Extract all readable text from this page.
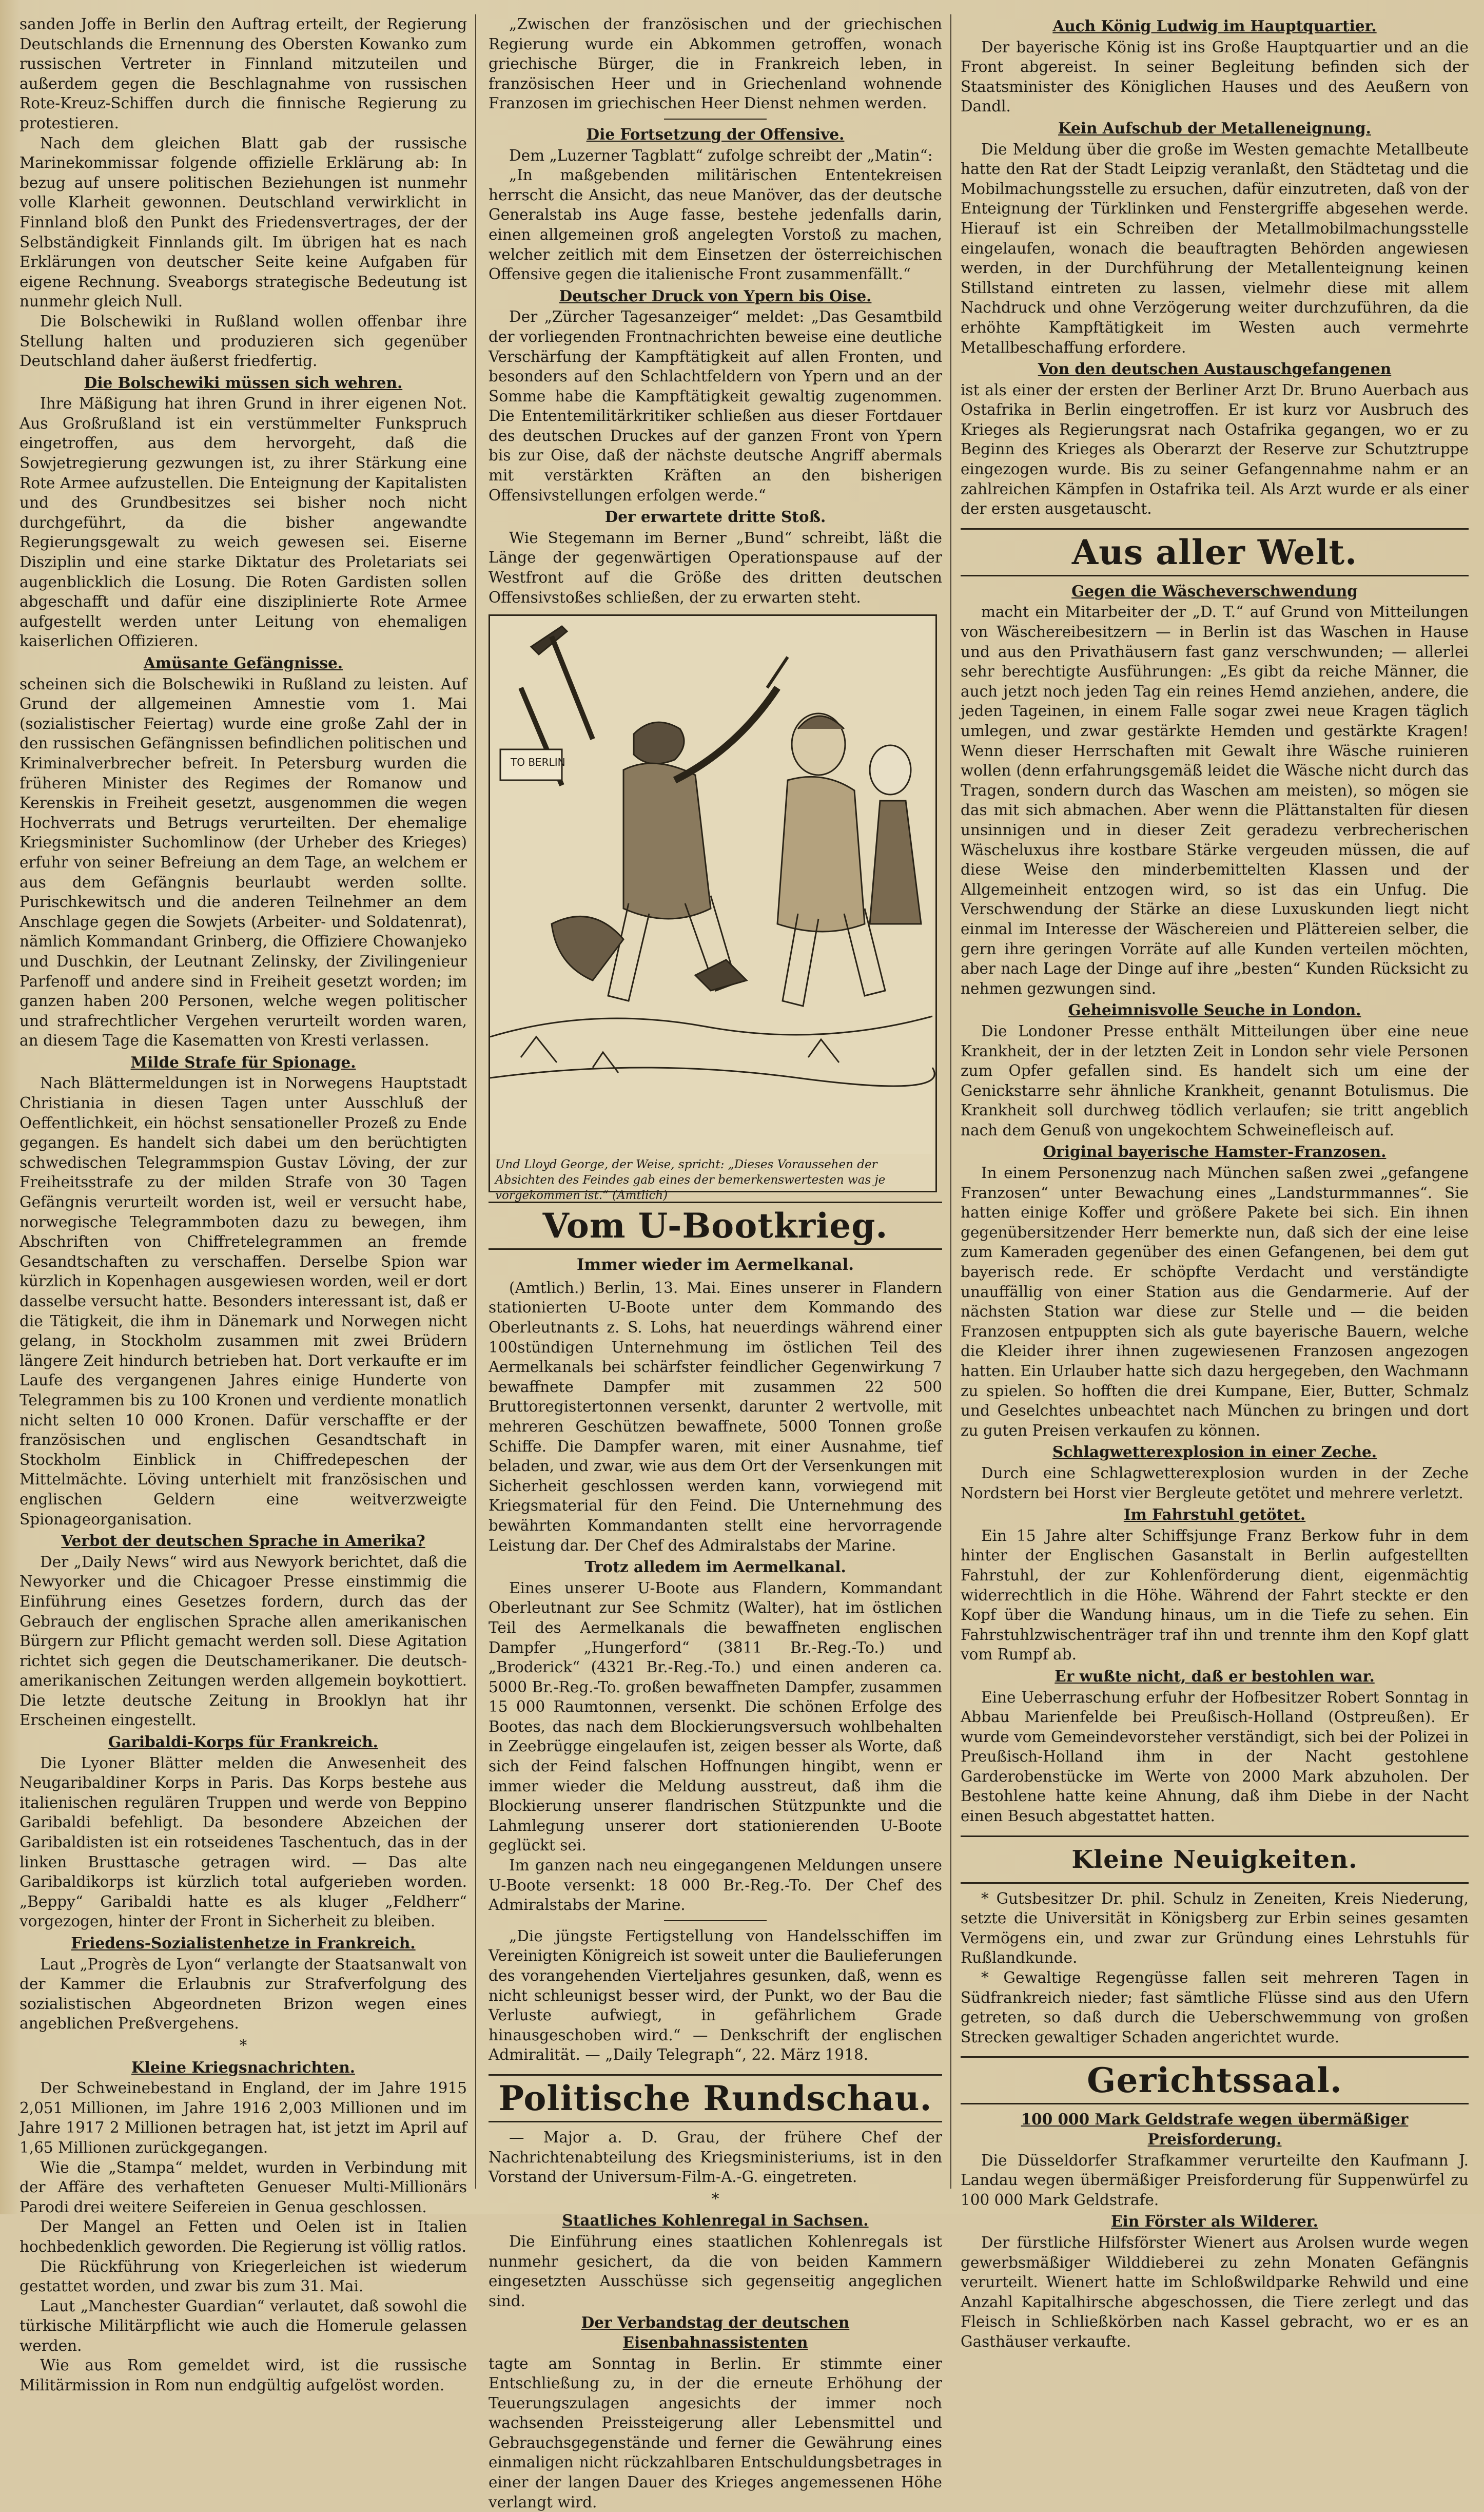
sanden Joffe in Berlin den Auftrag erteilt, der Regierung Deutschlands die Ernennung des Obersten Kowanko zum russischen Vertreter in Finnland mitzuteilen und außerdem gegen die Beschlagnahme von russischen Rote-Kreuz-Schiffen durch die finnische Regierung zu protestieren.

Nach dem gleichen Blatt gab der russische Marinekommissar folgende offizielle Erklärung ab: In bezug auf unsere politischen Beziehungen ist nunmehr volle Klarheit gewonnen. Deutschland verwirklicht in Finnland bloß den Punkt des Friedensvertrages, der der Selbständigkeit Finnlands gilt. Im übrigen hat es nach Erklärungen von deutscher Seite keine Aufgaben für eigene Rechnung. Sveaborgs strategische Bedeutung ist nunmehr gleich Null.

Die Bolschewiki in Rußland wollen offenbar ihre Stellung halten und produzieren sich gegenüber Deutschland daher äußerst friedfertig.

Die Bolschewiki müssen sich wehren.

Ihre Mäßigung hat ihren Grund in ihrer eigenen Not. Aus Großrußland ist ein verstümmelter Funkspruch eingetroffen, aus dem hervorgeht, daß die Sowjetregierung gezwungen ist, zu ihrer Stärkung eine Rote Armee aufzustellen. Die Enteignung der Kapitalisten und des Grundbesitzes sei bisher noch nicht durchgeführt, da die bisher angewandte Regierungsgewalt zu weich gewesen sei. Eiserne Disziplin und eine starke Diktatur des Proletariats sei augenblicklich die Losung. Die Roten Gardisten sollen abgeschafft und dafür eine disziplinierte Rote Armee aufgestellt werden unter Leitung von ehemaligen kaiserlichen Offizieren.

Amüsante Gefängnisse.

scheinen sich die Bolschewiki in Rußland zu leisten. Auf Grund der allgemeinen Amnestie vom 1. Mai (sozialistischer Feiertag) wurde eine große Zahl der in den russischen Gefängnissen befindlichen politischen und Kriminalverbrecher befreit. In Petersburg wurden die früheren Minister des Regimes der Romanow und Kerenskis in Freiheit gesetzt, ausgenommen die wegen Hochverrats und Betrugs verurteilten. Der ehemalige Kriegsminister Suchomlinow (der Urheber des Krieges) erfuhr von seiner Befreiung an dem Tage, an welchem er aus dem Gefängnis beurlaubt werden sollte. Purischkewitsch und die anderen Teilnehmer an dem Anschlage gegen die Sowjets (Arbeiter- und Soldatenrat), nämlich Kommandant Grinberg, die Offiziere Chowanjeko und Duschkin, der Leutnant Zelinsky, der Zivilingenieur Parfenoff und andere sind in Freiheit gesetzt worden; im ganzen haben 200 Personen, welche wegen politischer und strafrechtlicher Vergehen verurteilt worden waren, an diesem Tage die Kasematten von Kresti verlassen.

Milde Strafe für Spionage.

Nach Blättermeldungen ist in Norwegens Hauptstadt Christiania in diesen Tagen unter Ausschluß der Oeffentlichkeit, ein höchst sensationeller Prozeß zu Ende gegangen. Es handelt sich dabei um den berüchtigten schwedischen Telegrammspion Gustav Löving, der zur Freiheitsstrafe zu der milden Strafe von 30 Tagen Gefängnis verurteilt worden ist, weil er versucht habe, norwegische Telegrammboten dazu zu bewegen, ihm Abschriften von Chiffretelegrammen an fremde Gesandtschaften zu verschaffen. Derselbe Spion war kürzlich in Kopenhagen ausgewiesen worden, weil er dort dasselbe versucht hatte. Besonders interessant ist, daß er die Tätigkeit, die ihm in Dänemark und Norwegen nicht gelang, in Stockholm zusammen mit zwei Brüdern längere Zeit hindurch betrieben hat. Dort verkaufte er im Laufe des vergangenen Jahres einige Hunderte von Telegrammen bis zu 100 Kronen und verdiente monatlich nicht selten 10 000 Kronen. Dafür verschaffte er der französischen und englischen Gesandtschaft in Stockholm Einblick in Chiffredepeschen der Mittelmächte. Löving unterhielt mit französischen und englischen Geldern eine weitverzweigte Spionageorganisation.

Verbot der deutschen Sprache in Amerika?

Der „Daily News“ wird aus Newyork berichtet, daß die Newyorker und die Chicagoer Presse einstimmig die Einführung eines Gesetzes fordern, durch das der Gebrauch der englischen Sprache allen amerikanischen Bürgern zur Pflicht gemacht werden soll. Diese Agitation richtet sich gegen die Deutschamerikaner. Die deutsch-amerikanischen Zeitungen werden allgemein boykottiert. Die letzte deutsche Zeitung in Brooklyn hat ihr Erscheinen eingestellt.

Garibaldi-Korps für Frankreich.

Die Lyoner Blätter melden die Anwesenheit des Neugaribaldiner Korps in Paris. Das Korps bestehe aus italienischen regulären Truppen und werde von Beppino Garibaldi befehligt. Da besondere Abzeichen der Garibaldisten ist ein rotseidenes Taschentuch, das in der linken Brusttasche getragen wird. — Das alte Garibaldikorps ist kürzlich total aufgerieben worden. „Beppy“ Garibaldi hatte es als kluger „Feldherr“ vorgezogen, hinter der Front in Sicherheit zu bleiben.

Friedens-Sozialistenhetze in Frankreich.

Laut „Progrès de Lyon“ verlangte der Staatsanwalt von der Kammer die Erlaubnis zur Strafverfolgung des sozialistischen Abgeordneten Brizon wegen eines angeblichen Preßvergehens.

*
Kleine Kriegsnachrichten.

Der Schweinebestand in England, der im Jahre 1915 2,051 Millionen, im Jahre 1916 2,003 Millionen und im Jahre 1917 2 Millionen betragen hat, ist jetzt im April auf 1,65 Millionen zurückgegangen.

Wie die „Stampa“ meldet, wurden in Verbindung mit der Affäre des verhafteten Genueser Multi-Millionärs Parodi drei weitere Seifereien in Genua geschlossen.

Der Mangel an Fetten und Oelen ist in Italien hochbedenklich geworden. Die Regierung ist völlig ratlos.

Die Rückführung von Kriegerleichen ist wiederum gestattet worden, und zwar bis zum 31. Mai.

Laut „Manchester Guardian“ verlautet, daß sowohl die türkische Militärpflicht wie auch die Homerule gelassen werden.

Wie aus Rom gemeldet wird, ist die russische Militärmission in Rom nun endgültig aufgelöst worden.

„Zwischen der französischen und der griechischen Regierung wurde ein Abkommen getroffen, wonach griechische Bürger, die in Frankreich leben, in französischen Heer und in Griechenland wohnende Franzosen im griechischen Heer Dienst nehmen werden.

Die Fortsetzung der Offensive.

Dem „Luzerner Tagblatt“ zufolge schreibt der „Matin“:

„In maßgebenden militärischen Ententekreisen herrscht die Ansicht, das neue Manöver, das der deutsche Generalstab ins Auge fasse, bestehe jedenfalls darin, einen allgemeinen groß angelegten Vorstoß zu machen, welcher zeitlich mit dem Einsetzen der österreichischen Offensive gegen die italienische Front zusammenfällt.“

Deutscher Druck von Ypern bis Oise.

Der „Zürcher Tagesanzeiger“ meldet: „Das Gesamtbild der vorliegenden Frontnachrichten beweise eine deutliche Verschärfung der Kampftätigkeit auf allen Fronten, und besonders auf den Schlachtfeldern von Ypern und an der Somme habe die Kampftätigkeit gewaltig zugenommen. Die Ententemilitärkritiker schließen aus dieser Fortdauer des deutschen Druckes auf der ganzen Front von Ypern bis zur Oise, daß der nächste deutsche Angriff abermals mit verstärkten Kräften an den bisherigen Offensivstellungen erfolgen werde.“

Der erwartete dritte Stoß.

Wie Stegemann im Berner „Bund“ schreibt, läßt die Länge der gegenwärtigen Operationspause auf der Westfront auf die Größe des dritten deutschen Offensivstoßes schließen, der zu erwarten steht.

TO BERLIN

Und Lloyd George, der Weise, spricht: „Dieses Voraussehen der Absichten des Feindes gab eines der bemerkenswertesten was je vorgekommen ist.“ (Amtlich)

Vom U-Bootkrieg.
Immer wieder im Aermelkanal.

(Amtlich.) Berlin, 13. Mai. Eines unserer in Flandern stationierten U-Boote unter dem Kommando des Oberleutnants z. S. Lohs, hat neuerdings während einer 100stündigen Unternehmung im östlichen Teil des Aermelkanals bei schärfster feindlicher Gegenwirkung 7 bewaffnete Dampfer mit zusammen 22 500 Bruttoregistertonnen versenkt, darunter 2 wertvolle, mit mehreren Geschützen bewaffnete, 5000 Tonnen große Schiffe. Die Dampfer waren, mit einer Ausnahme, tief beladen, und zwar, wie aus dem Ort der Versenkungen mit Sicherheit geschlossen werden kann, vorwiegend mit Kriegsmaterial für den Feind. Die Unternehmung des bewährten Kommandanten stellt eine hervorragende Leistung dar. Der Chef des Admiralstabs der Marine.

Trotz alledem im Aermelkanal.

Eines unserer U-Boote aus Flandern, Kommandant Oberleutnant zur See Schmitz (Walter), hat im östlichen Teil des Aermelkanals die bewaffneten englischen Dampfer „Hungerford“ (3811 Br.-Reg.-To.) und „Broderick“ (4321 Br.-Reg.-To.) und einen anderen ca. 5000 Br.-Reg.-To. großen bewaffneten Dampfer, zusammen 15 000 Raumtonnen, versenkt. Die schönen Erfolge des Bootes, das nach dem Blockierungsversuch wohlbehalten in Zeebrügge eingelaufen ist, zeigen besser als Worte, daß sich der Feind falschen Hoffnungen hingibt, wenn er immer wieder die Meldung ausstreut, daß ihm die Blockierung unserer flandrischen Stützpunkte und die Lahmlegung unserer dort stationierenden U-Boote geglückt sei.

Im ganzen nach neu eingegangenen Meldungen unsere U-Boote versenkt: 18 000 Br.-Reg.-To. Der Chef des Admiralstabs der Marine.

„Die jüngste Fertigstellung von Handelsschiffen im Vereinigten Königreich ist soweit unter die Baulieferungen des vorangehenden Vierteljahres gesunken, daß, wenn es nicht schleunigst besser wird, der Punkt, wo der Bau die Verluste aufwiegt, in gefährlichem Grade hinausgeschoben wird.“ — Denkschrift der englischen Admiralität. — „Daily Telegraph“, 22. März 1918.

Politische Rundschau.

— Major a. D. Grau, der frühere Chef der Nachrichtenabteilung des Kriegsministeriums, ist in den Vorstand der Universum-Film-A.-G. eingetreten.

*
Staatliches Kohlenregal in Sachsen.

Die Einführung eines staatlichen Kohlenregals ist nunmehr gesichert, da die von beiden Kammern eingesetzten Ausschüsse sich gegenseitig angeglichen sind.

Der Verbandstag der deutschen Eisenbahnassistenten

tagte am Sonntag in Berlin. Er stimmte einer Entschließung zu, in der die erneute Erhöhung der Teuerungszulagen angesichts der immer noch wachsenden Preissteigerung aller Lebensmittel und Gebrauchsgegenstände und ferner die Gewährung eines einmaligen nicht rückzahlbaren Entschuldungsbetrages in einer der langen Dauer des Krieges angemessenen Höhe verlangt wird.

Auch König Ludwig im Hauptquartier.

Der bayerische König ist ins Große Hauptquartier und an die Front abgereist. In seiner Begleitung befinden sich der Staatsminister des Königlichen Hauses und des Aeußern von Dandl.

Kein Aufschub der Metalleneignung.

Die Meldung über die große im Westen gemachte Metallbeute hatte den Rat der Stadt Leipzig veranlaßt, den Städtetag und die Mobilmachungsstelle zu ersuchen, dafür einzutreten, daß von der Enteignung der Türklinken und Fenstergriffe abgesehen werde. Hierauf ist ein Schreiben der Metallmobilmachungsstelle eingelaufen, wonach die beauftragten Behörden angewiesen werden, in der Durchführung der Metallenteignung keinen Stillstand eintreten zu lassen, vielmehr diese mit allem Nachdruck und ohne Verzögerung weiter durchzuführen, da die erhöhte Kampftätigkeit im Westen auch vermehrte Metallbeschaffung erfordere.

Von den deutschen Austauschgefangenen

ist als einer der ersten der Berliner Arzt Dr. Bruno Auerbach aus Ostafrika in Berlin eingetroffen. Er ist kurz vor Ausbruch des Krieges als Regierungsrat nach Ostafrika gegangen, wo er zu Beginn des Krieges als Oberarzt der Reserve zur Schutztruppe eingezogen wurde. Bis zu seiner Gefangennahme nahm er an zahlreichen Kämpfen in Ostafrika teil. Als Arzt wurde er als einer der ersten ausgetauscht.

Aus aller Welt.
Gegen die Wäscheverschwendung

macht ein Mitarbeiter der „D. T.“ auf Grund von Mitteilungen von Wäschereibesitzern — in Berlin ist das Waschen in Hause und aus den Privathäusern fast ganz verschwunden; — allerlei sehr berechtigte Ausführungen: „Es gibt da reiche Männer, die auch jetzt noch jeden Tag ein reines Hemd anziehen, andere, die jeden Tageinen, in einem Falle sogar zwei neue Kragen täglich umlegen, und zwar gestärkte Hemden und gestärkte Kragen! Wenn dieser Herrschaften mit Gewalt ihre Wäsche ruinieren wollen (denn erfahrungsgemäß leidet die Wäsche nicht durch das Tragen, sondern durch das Waschen am meisten), so mögen sie das mit sich abmachen. Aber wenn die Plättanstalten für diesen unsinnigen und in dieser Zeit geradezu verbrecherischen Wäscheluxus ihre kostbare Stärke vergeuden müssen, die auf diese Weise den minderbemittelten Klassen und der Allgemeinheit entzogen wird, so ist das ein Unfug. Die Verschwendung der Stärke an diese Luxuskunden liegt nicht einmal im Interesse der Wäschereien und Plättereien selber, die gern ihre geringen Vorräte auf alle Kunden verteilen möchten, aber nach Lage der Dinge auf ihre „besten“ Kunden Rücksicht zu nehmen gezwungen sind.

Geheimnisvolle Seuche in London.

Die Londoner Presse enthält Mitteilungen über eine neue Krankheit, der in der letzten Zeit in London sehr viele Personen zum Opfer gefallen sind. Es handelt sich um eine der Genickstarre sehr ähnliche Krankheit, genannt Botulismus. Die Krankheit soll durchweg tödlich verlaufen; sie tritt angeblich nach dem Genuß von ungekochtem Schweinefleisch auf.

Original bayerische Hamster-Franzosen.

In einem Personenzug nach München saßen zwei „gefangene Franzosen“ unter Bewachung eines „Landsturmmannes“. Sie hatten einige Koffer und größere Pakete bei sich. Ein ihnen gegenübersitzender Herr bemerkte nun, daß sich der eine leise zum Kameraden gegenüber des einen Gefangenen, bei dem gut bayerisch rede. Er schöpfte Verdacht und verständigte unauffällig von einer Station aus die Gendarmerie. Auf der nächsten Station war diese zur Stelle und — die beiden Franzosen entpuppten sich als gute bayerische Bauern, welche die Kleider ihrer ihnen zugewiesenen Franzosen angezogen hatten. Ein Urlauber hatte sich dazu hergegeben, den Wachmann zu spielen. So hofften die drei Kumpane, Eier, Butter, Schmalz und Geselchtes unbeachtet nach München zu bringen und dort zu guten Preisen verkaufen zu können.

Schlagwetterexplosion in einer Zeche.

Durch eine Schlagwetterexplosion wurden in der Zeche Nordstern bei Horst vier Bergleute getötet und mehrere verletzt.

Im Fahrstuhl getötet.

Ein 15 Jahre alter Schiffsjunge Franz Berkow fuhr in dem hinter der Englischen Gasanstalt in Berlin aufgestellten Fahrstuhl, der zur Kohlenförderung dient, eigenmächtig widerrechtlich in die Höhe. Während der Fahrt steckte er den Kopf über die Wandung hinaus, um in die Tiefe zu sehen. Ein Fahrstuhlzwischenträger traf ihn und trennte ihm den Kopf glatt vom Rumpf ab.

Er wußte nicht, daß er bestohlen war.

Eine Ueberraschung erfuhr der Hofbesitzer Robert Sonntag in Abbau Marienfelde bei Preußisch-Holland (Ostpreußen). Er wurde vom Gemeindevorsteher verständigt, sich bei der Polizei in Preußisch-Holland ihm in der Nacht gestohlene Garderobenstücke im Werte von 2000 Mark abzuholen. Der Bestohlene hatte keine Ahnung, daß ihm Diebe in der Nacht einen Besuch abgestattet hatten.

Kleine Neuigkeiten.

* Gutsbesitzer Dr. phil. Schulz in Zeneiten, Kreis Niederung, setzte die Universität in Königsberg zur Erbin seines gesamten Vermögens ein, und zwar zur Gründung eines Lehrstuhls für Rußlandkunde.

* Gewaltige Regengüsse fallen seit mehreren Tagen in Südfrankreich nieder; fast sämtliche Flüsse sind aus den Ufern getreten, so daß durch die Ueberschwemmung von großen Strecken gewaltiger Schaden angerichtet wurde.

Gerichtssaal.
100 000 Mark Geldstrafe wegen übermäßiger Preisforderung.

Die Düsseldorfer Strafkammer verurteilte den Kaufmann J. Landau wegen übermäßiger Preisforderung für Suppenwürfel zu 100 000 Mark Geldstrafe.

Ein Förster als Wilderer.

Der fürstliche Hilfsförster Wienert aus Arolsen wurde wegen gewerbsmäßiger Wilddieberei zu zehn Monaten Gefängnis verurteilt. Wienert hatte im Schloßwildparke Rehwild und eine Anzahl Kapitalhirsche abgeschossen, die Tiere zerlegt und das Fleisch in Schließkörben nach Kassel gebracht, wo er es an Gasthäuser verkaufte.
